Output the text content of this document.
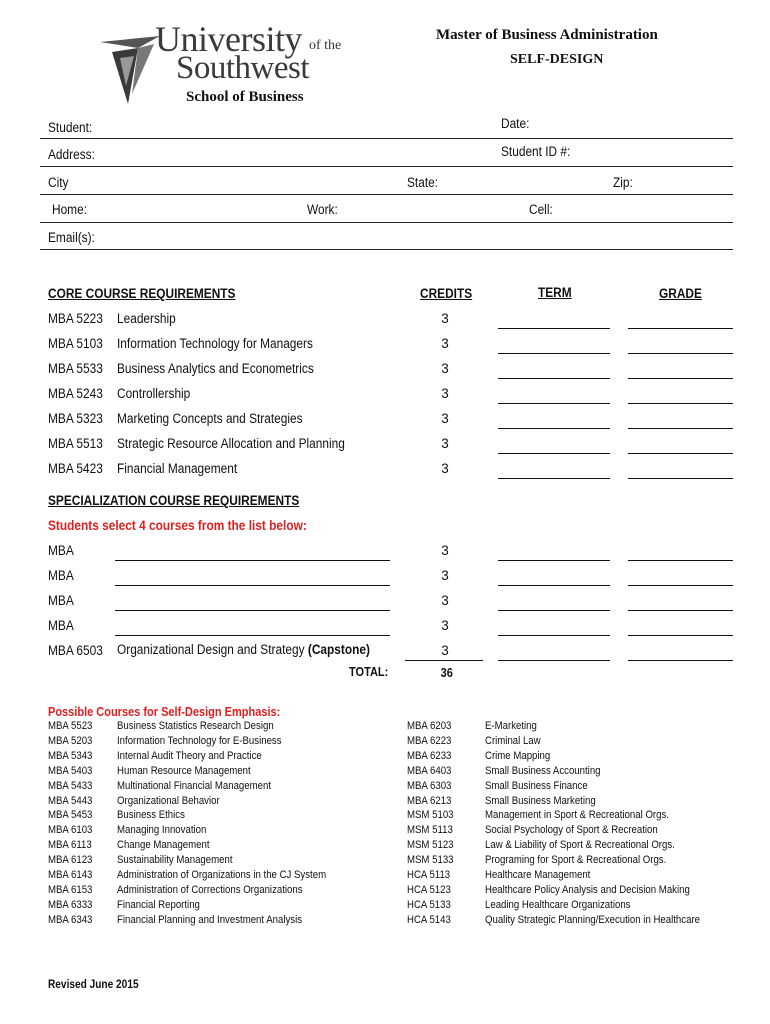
University of the
Southwest
School of Business
Master of Business Administration
SELF-DESIGN
Student:	Date:
Address:	Student ID #:
City	State:	Zip:
Home:	Work:	Cell:
Email(s):
CORE COURSE REQUIREMENTS	CREDITS	TERM	GRADE
MBA 5223 Leadership	3
MBA 5103 Information Technology for Managers	3
MBA 5533 Business Analytics and Econometrics	3
MBA 5243 Controllership	3
MBA 5323 Marketing Concepts and Strategies	3
MBA 5513 Strategic Resource Allocation and Planning	3
MBA 5423 Financial Management	3
SPECIALIZATION COURSE REQUIREMENTS
Students select 4 courses from the list below:
MBA	3
MBA	3
MBA	3
MBA	3
MBA 6503 Organizational Design and Strategy (Capstone)	3
TOTAL:	36
Possible Courses for Self-Design Emphasis:
MBA 5523 Business Statistics Research Design
MBA 5203 Information Technology for E-Business
MBA 5343 Internal Audit Theory and Practice
MBA 5403 Human Resource Management
MBA 5433 Multinational Financial Management
MBA 5443 Organizational Behavior
MBA 5453 Business Ethics
MBA 6103 Managing Innovation
MBA 6113 Change Management
MBA 6123 Sustainability Management
MBA 6143 Administration of Organizations in the CJ System
MBA 6153 Administration of Corrections Organizations
MBA 6333 Financial Reporting
MBA 6343 Financial Planning and Investment Analysis
MBA 6203	E-Marketing
MBA 6223	Criminal Law
MBA 6233	Crime Mapping
MBA 6403	Small Business Accounting
MBA 6303	Small Business Finance
MBA 6213	Small Business Marketing
MSM 5103	Management in Sport & Recreational Orgs.
MSM 5113	Social Psychology of Sport & Recreation
MSM 5123	Law & Liability of Sport & Recreational Orgs.
MSM 5133	Programing for Sport & Recreational Orgs.
HCA 5113	Healthcare Management
HCA 5123	Healthcare Policy Analysis and Decision Making
HCA 5133	Leading Healthcare Organizations
HCA 5143	Quality Strategic Planning/Execution in Healthcare
Revised June 2015
